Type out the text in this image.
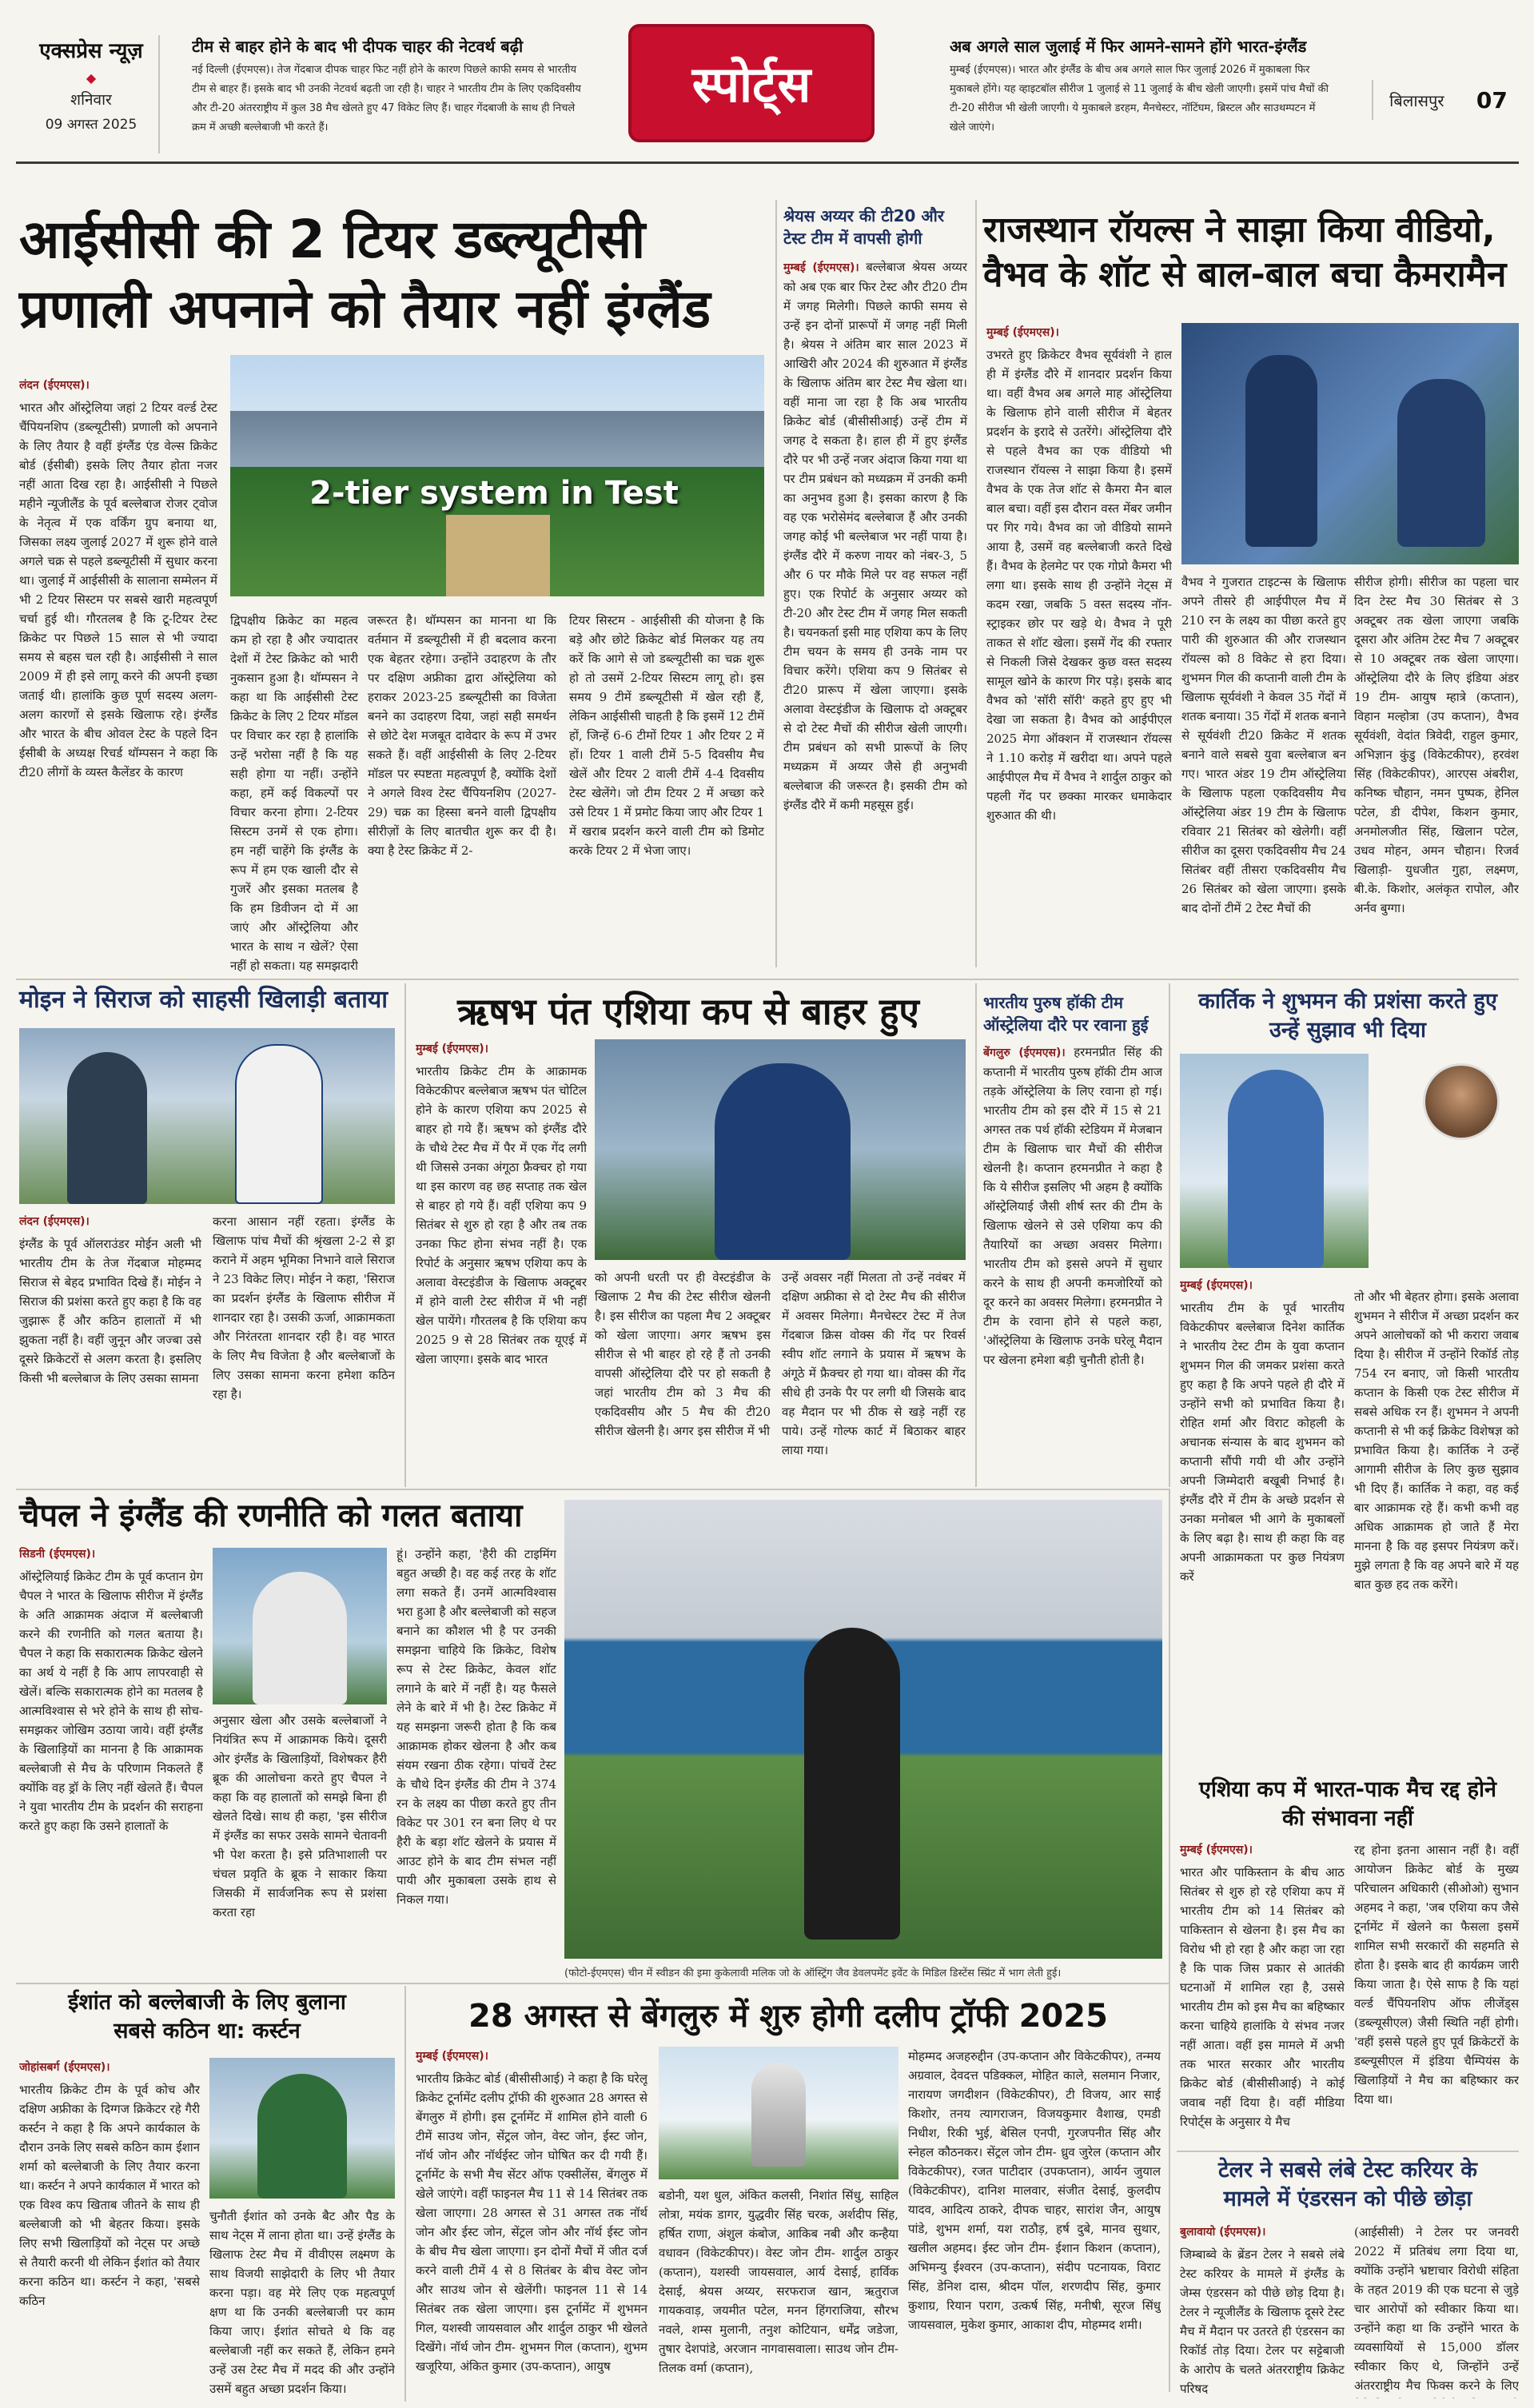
एक्सप्रेस न्यूज़
◆
शनिवार
09 अगस्त 2025
टीम से बाहर होने के बाद भी दीपक चाहर की नेटवर्थ बढ़ी
नई दिल्ली (ईएमएस)। तेज गेंदबाज दीपक चाहर फिट नहीं होने के कारण पिछले काफी समय से भारतीय टीम से बाहर हैं। इसके बाद भी उनकी नेटवर्थ बढ़ती जा रही है। चाहर ने भारतीय टीम के लिए एकदिवसीय और टी-20 अंतरराष्ट्रीय में कुल 38 मैच खेलते हुए 47 विकेट लिए हैं। चाहर गेंदबाजी के साथ ही निचले क्रम में अच्छी बल्लेबाजी भी करते हैं।
स्पोर्ट्स
अब अगले साल जुलाई में फिर आमने-सामने होंगे भारत-इंग्लैंड
मुम्बई (ईएमएस)। भारत और इंग्लैंड के बीच अब अगले साल फिर जुलाई 2026 में मुकाबला फिर मुकाबले होंगे। यह व्हाइटबॉल सीरीज 1 जुलाई से 11 जुलाई के बीच खेली जाएगी। इसमें पांच मैचों की टी-20 सीरीज भी खेली जाएगी। ये मुकाबले डरहम, मैनचेस्टर, नॉटिंघम, ब्रिस्टल और साउथम्पटन में खेले जाएंगे।
बिलासपुर 07
आईसीसी की 2 टियर डब्ल्यूटीसी
प्रणाली अपनाने को तैयार नहीं इंग्लैंड
2-tier system in Test
लंदन (ईएमएस)।
भारत और ऑस्ट्रेलिया जहां 2 टियर वर्ल्ड टेस्ट चैंपियनशिप (डब्ल्यूटीसी) प्रणाली को अपनाने के लिए तैयार है वहीं इंग्लैंड एंड वेल्स क्रिकेट बोर्ड (ईसीबी) इसके लिए तैयार होता नजर नहीं आता दिख रहा है। आईसीसी ने पिछले महीने न्यूजीलैंड के पूर्व बल्लेबाज रोजर ट्वोज के नेतृत्व में एक वर्किंग ग्रुप बनाया था, जिसका लक्ष्य जुलाई 2027 में शुरू होने वाले अगले चक्र से पहले डब्ल्यूटीसी में सुधार करना था। जुलाई में आईसीसी के सालाना सम्मेलन में भी 2 टियर सिस्टम पर सबसे खारी महत्वपूर्ण चर्चा हुई थी। गौरतलब है कि टू-टियर टेस्ट क्रिकेट पर पिछले 15 साल से भी ज्यादा समय से बहस चल रही है। आईसीसी ने साल 2009 में ही इसे लागू करने की अपनी इच्छा जताई थी। हालांकि कुछ पूर्ण सदस्य अलग-अलग कारणों से इसके खिलाफ रहे। इंग्लैंड और भारत के बीच ओवल टेस्ट के पहले दिन ईसीबी के अध्यक्ष रिचर्ड थॉम्पसन ने कहा कि टी20 लीगों के व्यस्त कैलेंडर के कारण
द्विपक्षीय क्रिकेट का महत्व कम हो रहा है और ज्यादातर देशों में टेस्ट क्रिकेट को भारी नुकसान हुआ है। थॉम्पसन ने कहा था कि आईसीसी टेस्ट क्रिकेट के लिए 2 टियर मॉडल पर विचार कर रहा है हालांकि उन्हें भरोसा नहीं है कि यह सही होगा या नहीं। उन्होंने कहा, हमें कई विकल्पों पर विचार करना होगा। 2-टियर सिस्टम उनमें से एक होगा। हम नहीं चाहेंगे कि इंग्लैंड के रूप में हम एक खाली दौर से गुजरें और इसका मतलब है कि हम डिवीजन दो में आ जाएं और ऑस्ट्रेलिया और भारत के साथ न खेलें? ऐसा नहीं हो सकता। यह समझदारी
जरूरत है। थॉम्पसन का मानना था कि वर्तमान में डब्ल्यूटीसी में ही बदलाव करना एक बेहतर रहेगा। उन्होंने उदाहरण के तौर पर दक्षिण अफ्रीका द्वारा ऑस्ट्रेलिया को हराकर 2023-25 डब्ल्यूटीसी का विजेता बनने का उदाहरण दिया, जहां सही समर्थन से छोटे देश मजबूत दावेदार के रूप में उभर सकते हैं। वहीं आईसीसी के लिए 2-टियर मॉडल पर स्पष्टता महत्वपूर्ण है, क्योंकि देशों ने अगले विश्व टेस्ट चैंपियनशिप (2027-29) चक्र का हिस्सा बनने वाली द्विपक्षीय सीरीज़ों के लिए बातचीत शुरू कर दी है। क्या है टेस्ट क्रिकेट में 2-
टियर सिस्टम - आईसीसी की योजना है कि बड़े और छोटे क्रिकेट बोर्ड मिलकर यह तय करें कि आगे से जो डब्ल्यूटीसी का चक्र शुरू हो तो उसमें 2-टियर सिस्टम लागू हो। इस समय 9 टीमें डब्ल्यूटीसी में खेल रही हैं, लेकिन आईसीसी चाहती है कि इसमें 12 टीमें हों, जिन्हें 6-6 टीमों टियर 1 और टियर 2 में हों। टियर 1 वाली टीमें 5-5 दिवसीय मैच खेलें और टियर 2 वाली टीमें 4-4 दिवसीय टेस्ट खेलेंगे। जो टीम टियर 2 में अच्छा करे उसे टियर 1 में प्रमोट किया जाए और टियर 1 में खराब प्रदर्शन करने वाली टीम को डिमोट करके टियर 2 में भेजा जाए।
श्रेयस अय्यर की टी20 और टेस्ट टीम में वापसी होगी
मुम्बई (ईएमएस)। बल्लेबाज श्रेयस अय्यर को अब एक बार फिर टेस्ट और टी20 टीम में जगह मिलेगी। पिछले काफी समय से उन्हें इन दोनों प्रारूपों में जगह नहीं मिली है। श्रेयस ने अंतिम बार साल 2023 में आखिरी और 2024 की शुरुआत में इंग्लैंड के खिलाफ अंतिम बार टेस्ट मैच खेला था। वहीं माना जा रहा है कि अब भारतीय क्रिकेट बोर्ड (बीसीसीआई) उन्हें टीम में जगह दे सकता है। हाल ही में हुए इंग्लैंड दौरे पर भी उन्हें नजर अंदाज किया गया था पर टीम प्रबंधन को मध्यक्रम में उनकी कमी का अनुभव हुआ है। इसका कारण है कि वह एक भरोसेमंद बल्लेबाज हैं और उनकी जगह कोई भी बल्लेबाज भर नहीं पाया है। इंग्लैंड दौरे में करुण नायर को नंबर-3, 5 और 6 पर मौके मिले पर वह सफल नहीं हुए। एक रिपोर्ट के अनुसार अय्यर को टी-20 और टेस्ट टीम में जगह मिल सकती है। चयनकर्ता इसी माह एशिया कप के लिए टीम चयन के समय ही उनके नाम पर विचार करेंगे। एशिया कप 9 सितंबर से टी20 प्रारूप में खेला जाएगा। इसके अलावा वेस्टइंडीज के खिलाफ दो अक्टूबर से दो टेस्ट मैचों की सीरीज खेली जाएगी। टीम प्रबंधन को सभी प्रारूपों के लिए मध्यक्रम में अय्यर जैसे ही अनुभवी बल्लेबाज की जरूरत है। इसकी टीम को इंग्लैंड दौरे में कमी महसूस हुई।
राजस्थान रॉयल्स ने साझा किया वीडियो,
वैभव के शॉट से बाल-बाल बचा कैमरामैन
मुम्बई (ईएमएस)।
उभरते हुए क्रिकेटर वैभव सूर्यवंशी ने हाल ही में इंग्लैंड दौरे में शानदार प्रदर्शन किया था। वहीं वैभव अब अगले माह ऑस्ट्रेलिया के खिलाफ होने वाली सीरीज में बेहतर प्रदर्शन के इरादे से उतरेंगे। ऑस्ट्रेलिया दौरे से पहले वैभव का एक वीडियो भी राजस्थान रॉयल्स ने साझा किया है। इसमें वैभव के एक तेज शॉट से कैमरा मैन बाल बाल बचा। वहीं इस दौरान वस्त मेंबर जमीन पर गिर गये। वैभव का जो वीडियो सामने आया है, उसमें वह बल्लेबाजी करते दिखे हैं। वैभव के हेलमेट पर एक गोप्रो कैमरा भी लगा था। इसके साथ ही उन्होंने नेट्स में कदम रखा, जबकि 5 वस्त सदस्य नॉन-स्ट्राइकर छोर पर खड़े थे। वैभव ने पूरी ताकत से शॉट खेला। इसमें गेंद की रफ्तार से निकली जिसे देखकर कुछ वस्त सदस्य सामूल खोने के कारण गिर पड़े। इसके बाद वैभव को 'सॉरी सॉरी' कहते हुए हुए भी देखा जा सकता है। वैभव को आईपीएल 2025 मेगा ऑक्शन में राजस्थान रॉयल्स ने 1.10 करोड़ में खरीदा था। अपने पहले आईपीएल मैच में वैभव ने शार्दुल ठाकुर को पहली गेंद पर छक्का मारकर धमाकेदार शुरुआत की थी।
वैभव ने गुजरात टाइटन्स के खिलाफ अपने तीसरे ही आईपीएल मैच में 210 रन के लक्ष्य का पीछा करते हुए पारी की शुरुआत की और राजस्थान रॉयल्स को 8 विकेट से हरा दिया। शुभमन गिल की कप्तानी वाली टीम के खिलाफ सूर्यवंशी ने केवल 35 गेंदों में शतक बनाया। 35 गेंदों में शतक बनाने से सूर्यवंशी टी20 क्रिकेट में शतक बनाने वाले सबसे युवा बल्लेबाज बन गए। भारत अंडर 19 टीम ऑस्ट्रेलिया के खिलाफ पहला एकदिवसीय मैच ऑस्ट्रेलिया अंडर 19 टीम के खिलाफ रविवार 21 सितंबर को खेलेगी। वहीं सीरीज का दूसरा एकदिवसीय मैच 24 सितंबर वहीं तीसरा एकदिवसीय मैच 26 सितंबर को खेला जाएगा। इसके बाद दोनों टीमें 2 टेस्ट मैचों की
सीरीज होगी। सीरीज का पहला चार दिन टेस्ट मैच 30 सितंबर से 3 अक्टूबर तक खेला जाएगा जबकि दूसरा और अंतिम टेस्ट मैच 7 अक्टूबर से 10 अक्टूबर तक खेला जाएगा। ऑस्ट्रेलिया दौरे के लिए इंडिया अंडर 19 टीम- आयुष म्हात्रे (कप्तान), विहान मल्होत्रा (उप कप्तान), वैभव सूर्यवंशी, वेदांत त्रिवेदी, राहुल कुमार, अभिज्ञान कुंडु (विकेटकीपर), हरवंश सिंह (विकेटकीपर), आरएस अंबरीश, कनिष्क चौहान, नमन पुष्पक, हेनिल पटेल, डी दीपेश, किशन कुमार, अनमोलजीत सिंह, खिलान पटेल, उधव मोहन, अमन चौहान। रिजर्व खिलाड़ी- युधजीत गुहा, लक्ष्मण, बी.के. किशोर, अलंकृत रापोल, और अर्नव बुग्गा।
मोइन ने सिराज को साहसी खिलाड़ी बताया
लंदन (ईएमएस)।
इंग्लैंड के पूर्व ऑलराउंडर मोईन अली भी भारतीय टीम के तेज गेंदबाज मोहम्मद सिराज से बेहद प्रभावित दिखे हैं। मोईन ने सिराज की प्रशंसा करते हुए कहा है कि वह जुझारू हैं और कठिन हालातों में भी झुकता नहीं है। वहीं जुनून और जज्बा उसे दूसरे क्रिकेटरों से अलग करता है। इसलिए किसी भी बल्लेबाज के लिए उसका सामना
करना आसान नहीं रहता। इंग्लैंड के खिलाफ पांच मैचों की श्रृंखला 2-2 से ड्रा कराने में अहम भूमिका निभाने वाले सिराज ने 23 विकेट लिए। मोईन ने कहा, 'सिराज का प्रदर्शन इंग्लैंड के खिलाफ सीरीज में शानदार रहा है। उसकी ऊर्जा, आक्रामकता और निरंतरता शानदार रही है। वह भारत के लिए मैच विजेता है और बल्लेबाजों के लिए उसका सामना करना हमेशा कठिन रहा है।
ऋषभ पंत एशिया कप से बाहर हुए
मुम्बई (ईएमएस)।
भारतीय क्रिकेट टीम के आक्रामक विकेटकीपर बल्लेबाज ऋषभ पंत चोटिल होने के कारण एशिया कप 2025 से बाहर हो गये हैं। ऋषभ को इंग्लैंड दौरे के चौथे टेस्ट मैच में पैर में एक गेंद लगी थी जिससे उनका अंगूठा फ्रैक्चर हो गया था इस कारण वह छह सप्ताह तक खेल से बाहर हो गये हैं। वहीं एशिया कप 9 सितंबर से शुरु हो रहा है और तब तक उनका फिट होना संभव नहीं है। एक रिपोर्ट के अनुसार ऋषभ एशिया कप के अलावा वेस्टइंडीज के खिलाफ अक्टूबर में होने वाली टेस्ट सीरीज में भी नहीं खेल पायेंगे। गौरतलब है कि एशिया कप 2025 9 से 28 सितंबर तक यूएई में खेला जाएगा। इसके बाद भारत
को अपनी धरती पर ही वेस्टइंडीज के खिलाफ 2 मैच की टेस्ट सीरीज खेलनी है। इस सीरीज का पहला मैच 2 अक्टूबर को खेला जाएगा। अगर ऋषभ इस सीरीज से भी बाहर हो रहे हैं तो उनकी वापसी ऑस्ट्रेलिया दौरे पर हो सकती है जहां भारतीय टीम को 3 मैच की एकदिवसीय और 5 मैच की टी20 सीरीज खेलनी है। अगर इस सीरीज में भी
उन्हें अवसर नहीं मिलता तो उन्हें नवंबर में दक्षिण अफ्रीका से दो टेस्ट मैच की सीरीज में अवसर मिलेगा। मैनचेस्टर टेस्ट में तेज गेंदबाज क्रिस वोक्स की गेंद पर रिवर्स स्वीप शॉट लगाने के प्रयास में ऋषभ के अंगूठे में फ्रैक्चर हो गया था। वोक्स की गेंद सीधे ही उनके पैर पर लगी थी जिसके बाद वह मैदान पर भी ठीक से खड़े नहीं रह पाये। उन्हें गोल्फ कार्ट में बिठाकर बाहर लाया गया।
भारतीय पुरुष हॉकी टीम ऑस्ट्रेलिया दौरे पर रवाना हुई
बेंगलुरु (ईएमएस)। हरमनप्रीत सिंह की कप्तानी में भारतीय पुरुष हॉकी टीम आज तड़के ऑस्ट्रेलिया के लिए रवाना हो गई। भारतीय टीम को इस दौरे में 15 से 21 अगस्त तक पर्थ हॉकी स्टेडियम में मेजबान टीम के खिलाफ चार मैचों की सीरीज खेलनी है। कप्तान हरमनप्रीत ने कहा है कि ये सीरीज इसलिए भी अहम है क्योंकि ऑस्ट्रेलियाई जैसी शीर्ष स्तर की टीम के खिलाफ खेलने से उसे एशिया कप की तैयारियों का अच्छा अवसर मिलेगा। भारतीय टीम को इससे अपने में सुधार करने के साथ ही अपनी कमजोरियों को दूर करने का अवसर मिलेगा। हरमनप्रीत ने टीम के रवाना होने से पहले कहा, 'ऑस्ट्रेलिया के खिलाफ उनके घरेलू मैदान पर खेलना हमेशा बड़ी चुनौती होती है।
कार्तिक ने शुभमन की प्रशंसा करते हुए
उन्हें सुझाव भी दिया
मुम्बई (ईएमएस)।
भारतीय टीम के पूर्व भारतीय विकेटकीपर बल्लेबाज दिनेश कार्तिक ने भारतीय टेस्ट टीम के युवा कप्तान शुभमन गिल की जमकर प्रशंसा करते हुए कहा है कि अपने पहले ही दौरे में उन्होंने सभी को प्रभावित किया है। रोहित शर्मा और विराट कोहली के अचानक संन्यास के बाद शुभमन को कप्तानी सौंपी गयी थी और उन्होंने अपनी जिम्मेदारी बखूबी निभाई है। इंग्लैंड दौरे में टीम के अच्छे प्रदर्शन से उनका मनोबल भी आगे के मुकाबलों के लिए बढ़ा है। साथ ही कहा कि वह अपनी आक्रामकता पर कुछ नियंत्रण करें
तो और भी बेहतर होगा। इसके अलावा शुभमन ने सीरीज में अच्छा प्रदर्शन कर अपने आलोचकों को भी करारा जवाब दिया है। सीरीज में उन्होंने रिकॉर्ड तोड़ 754 रन बनाए, जो किसी भारतीय कप्तान के किसी एक टेस्ट सीरीज में सबसे अधिक रन हैं। शुभमन ने अपनी कप्तानी से भी कई क्रिकेट विशेषज्ञ को प्रभावित किया है। कार्तिक ने उन्हें आगामी सीरीज के लिए कुछ सुझाव भी दिए हैं। कार्तिक ने कहा, वह कई बार आक्रामक रहे हैं। कभी कभी वह अधिक आक्रामक हो जाते हैं मेरा मानना है कि वह इसपर नियंत्रण करें। मुझे लगता है कि वह अपने बारे में यह बात कुछ हद तक करेंगे।
चैपल ने इंग्लैंड की रणनीति को गलत बताया
सिडनी (ईएमएस)।
ऑस्ट्रेलियाई क्रिकेट टीम के पूर्व कप्तान ग्रेग चैपल ने भारत के खिलाफ सीरीज में इंग्लैंड के अति आक्रामक अंदाज में बल्लेबाजी करने की रणनीति को गलत बताया है। चैपल ने कहा कि सकारात्मक क्रिकेट खेलने का अर्थ ये नहीं है कि आप लापरवाही से खेलें। बल्कि सकारात्मक होने का मतलब है आत्मविश्वास से भरे होने के साथ ही सोच-समझकर जोखिम उठाया जाये। वहीं इंग्लैंड के खिलाड़ियों का मानना है कि आक्रामक बल्लेबाजी से मैच के परिणाम निकलते हैं क्योंकि वह ड्रॉ के लिए नहीं खेलते हैं। चैपल ने युवा भारतीय टीम के प्रदर्शन की सराहना करते हुए कहा कि उसने हालातों के
अनुसार खेला और उसके बल्लेबाजों ने नियंत्रित रूप में आक्रामक किये। दूसरी ओर इंग्लैंड के खिलाड़ियों, विशेषकर हैरी ब्रूक की आलोचना करते हुए चैपल ने कहा कि वह हालातों को समझे बिना ही खेलते दिखे। साथ ही कहा, 'इस सीरीज में इंग्लैंड का सफर उसके सामने चेतावनी भी पेश करता है। इसे प्रतिभाशाली पर चंचल प्रवृति के ब्रूक ने साकार किया जिसकी में सार्वजनिक रूप से प्रशंसा करता रहा
हूं। उन्होंने कहा, 'हैरी की टाइमिंग बहुत अच्छी है। वह कई तरह के शॉट लगा सकते हैं। उनमें आत्मविश्वास भरा हुआ है और बल्लेबाजी को सहज बनाने का कौशल भी है पर उनकी समझना चाहिये कि क्रिकेट, विशेष रूप से टेस्ट क्रिकेट, केवल शॉट लगाने के बारे में नहीं है। यह फैसले लेने के बारे में भी है। टेस्ट क्रिकेट में यह समझना जरूरी होता है कि कब आक्रामक होकर खेलना है और कब संयम रखना ठीक रहेगा। पांचवें टेस्ट के चौथे दिन इंग्लैंड की टीम ने 374 रन के लक्ष्य का पीछा करते हुए तीन विकेट पर 301 रन बना लिए थे पर हैरी के बड़ा शॉट खेलने के प्रयास में आउट होने के बाद टीम संभल नहीं पायी और मुकाबला उसके हाथ से निकल गया।
(फोटो-ईएमएस) चीन में स्वीडन की इमा कुकेलावी मलिक जो के ऑस्ट्रिंग जैव डेवलपमेंट इवेंट के मिडिल डिस्टेंस स्प्रिंट में भाग लेती हुई।
एशिया कप में भारत-पाक मैच रद्द होने
की संभावना नहीं
मुम्बई (ईएमएस)।
भारत और पाकिस्तान के बीच आठ सितंबर से शुरु हो रहे एशिया कप में भारतीय टीम को 14 सितंबर को पाकिस्तान से खेलना है। इस मैच का विरोध भी हो रहा है और कहा जा रहा है कि पाक जिस प्रकार से आतंकी घटनाओं में शामिल रहा है, उससे भारतीय टीम को इस मैच का बहिष्कार करना चाहिये हालांकि ये संभव नजर नहीं आता। वहीं इस मामले में अभी तक भारत सरकार और भारतीय क्रिकेट बोर्ड (बीसीसीआई) ने कोई जवाब नहीं दिया है। वहीं मीडिया रिपोर्ट्स के अनुसार ये मैच
रद्द होना इतना आसान नहीं है। वहीं आयोजन क्रिकेट बोर्ड के मुख्य परिचालन अधिकारी (सीओओ) सुभान अहमद ने कहा, 'जब एशिया कप जैसे टूर्नामेंट में खेलने का फैसला इसमें शामिल सभी सरकारों की सहमति से होता है। इसके बाद ही कार्यक्रम जारी किया जाता है। ऐसे साफ है कि यहां वर्ल्ड चैंपियनशिप ऑफ लीजेंड्स (डब्ल्यूसीएल) जैसी स्थिति नहीं होगी। 'वहीं इससे पहले हुए पूर्व क्रिकेटरों के डब्ल्यूसीएल में इंडिया चैम्पियंस के खिलाड़ियों ने मैच का बहिष्कार कर दिया था।
टेलर ने सबसे लंबे टेस्ट करियर के
मामले में एंडरसन को पीछे छोड़ा
बुलावायो (ईएमएस)।
जिम्बाब्वे के ब्रेंडन टेलर ने सबसे लंबे टेस्ट करियर के मामले में इंग्लैंड के जेम्स एंडरसन को पीछे छोड़ दिया है। टेलर ने न्यूजीलैंड के खिलाफ दूसरे टेस्ट मैच में मैदान पर उतरते ही एंडरसन का रिकॉर्ड तोड़ दिया। टेलर पर सट्टेबाजी के आरोप के चलते अंतरराष्ट्रीय क्रिकेट परिषद
(आईसीसी) ने टेलर पर जनवरी 2022 में प्रतिबंध लगा दिया था, क्योंकि उन्होंने भ्रष्टाचार विरोधी संहिता के तहत 2019 की एक घटना से जुड़े चार आरोपों को स्वीकार किया था। उन्होंने कहा था कि उन्होंने भारत के व्यवसायियों से 15,000 डॉलर स्वीकार किए थे, जिन्होंने उन्हें अंतरराष्ट्रीय मैच फिक्स करने के लिए
ईशांत को बल्लेबाजी के लिए बुलाना
सबसे कठिन था: कर्स्टन
जोहांसबर्ग (ईएमएस)।
भारतीय क्रिकेट टीम के पूर्व कोच और दक्षिण अफ्रीका के दिग्गज क्रिकेटर रहे गैरी कर्स्टन ने कहा है कि अपने कार्यकाल के दौरान उनके लिए सबसे कठिन काम ईशान शर्मा को बल्लेबाजी के लिए तैयार करना था। कर्स्टन ने अपने कार्यकाल में भारत को एक विश्व कप खिताब जीतने के साथ ही बल्लेबाजी को भी बेहतर किया। इसके लिए सभी खिलाड़ियों को नेट्स पर अच्छे से तैयारी करनी थी लेकिन ईशांत को तैयार करना कठिन था। कर्स्टन ने कहा, 'सबसे कठिन
चुनौती ईशांत को उनके बैट और पैड के साथ नेट्स में लाना होता था। उन्हें इंग्लैंड के खिलाफ टेस्ट मैच में वीवीएस लक्ष्मण के साथ विजयी साझेदारी के लिए भी तैयार करना पड़ा। वह मेरे लिए एक महत्वपूर्ण क्षण था कि उनकी बल्लेबाजी पर काम किया जाए। ईशांत सोचते थे कि वह बल्लेबाजी नहीं कर सकते हैं, लेकिन हमने उन्हें उस टेस्ट मैच में मदद की और उन्होंने उसमें बहुत अच्छा प्रदर्शन किया।
28 अगस्त से बेंगलुरु में शुरु होगी दलीप ट्रॉफी 2025
मुम्बई (ईएमएस)।
भारतीय क्रिकेट बोर्ड (बीसीसीआई) ने कहा है कि घरेलू क्रिकेट टूर्नामेंट दलीप ट्रॉफी की शुरुआत 28 अगस्त से बेंगलुरु में होगी। इस टूर्नामेंट में शामिल होने वाली 6 टीमें साउथ जोन, सेंट्रल जोन, वेस्ट जोन, ईस्ट जोन, नॉर्थ जोन और नॉर्थईस्ट जोन घोषित कर दी गयी हैं। टूर्नामेंट के सभी मैच सेंटर ऑफ एक्सीलेंस, बेंगलुरु में खेले जाएंगे। वहीं फाइनल मैच 11 से 14 सितंबर तक खेला जाएगा। 28 अगस्त से 31 अगस्त तक नॉर्थ जोन और ईस्ट जोन, सेंट्रल जोन और नॉर्थ ईस्ट जोन के बीच मैच खेला जाएगा। इन दोनों मैचों में जीत दर्ज करने वाली टीमें 4 से 8 सितंबर के बीच वेस्ट जोन और साउथ जोन से खेलेंगी। फाइनल 11 से 14 सितंबर तक खेला जाएगा। इस टूर्नामेंट में शुभमन गिल, यशस्वी जायसवाल और शार्दुल ठाकुर भी खेलते दिखेंगे। नॉर्थ जोन टीम- शुभमन गिल (कप्तान), शुभम खजूरिया, अंकित कुमार (उप-कप्तान), आयुष
बडोनी, यश धुल, अंकित कलसी, निशांत सिंधु, साहिल लोत्रा, मयंक डागर, युद्धवीर सिंह चरक, अर्शदीप सिंह, हर्षित राणा, अंशुल कंबोज, आकिब नबी और कन्हैया वधावन (विकेटकीपर)। वेस्ट जोन टीम- शार्दुल ठाकुर (कप्तान), यशस्वी जायसवाल, आर्य देसाई, हार्विक देसाई, श्रेयस अय्यर, सरफराज खान, ऋतुराज गायकवाड़, जयमीत पटेल, मनन हिंगराजिया, सौरभ नवले, शम्स मुलानी, तनुश कोटियान, धर्मेंद्र जडेजा, तुषार देशपांडे, अरजान नागवासवाला। साउथ जोन टीम- तिलक वर्मा (कप्तान),
मोहम्मद अजहरुद्दीन (उप-कप्तान और विकेटकीपर), तन्मय अग्रवाल, देवदत्त पडिक्कल, मोहित काले, सलमान निजार, नारायण जगदीशन (विकेटकीपर), टी विजय, आर साई किशोर, तनय त्यागराजन, विजयकुमार वैशाख, एमडी निधीश, रिकी भुई, बेसिल एनपी, गुरजपनीत सिंह और स्नेहल कौठनकर। सेंट्रल जोन टीम- ध्रुव जुरेल (कप्तान और विकेटकीपर), रजत पाटीदार (उपकप्तान), आर्यन जुयाल (विकेटकीपर), दानिश मालवार, संजीत देसाई, कुलदीप यादव, आदित्य ठाकरे, दीपक चाहर, सारांश जैन, आयुष पांडे, शुभम शर्मा, यश राठौड़, हर्ष दुबे, मानव सुथार, खलील अहमद। ईस्ट जोन टीम- ईशान किशन (कप्तान), अभिमन्यु ईश्वरन (उप-कप्तान), संदीप पटनायक, विराट सिंह, डेनिश दास, श्रीदम पॉल, शरणदीप सिंह, कुमार कुशाग्र, रियान पराग, उत्कर्ष सिंह, मनीषी, सूरज सिंधु जायसवाल, मुकेश कुमार, आकाश दीप, मोहम्मद शमी।
